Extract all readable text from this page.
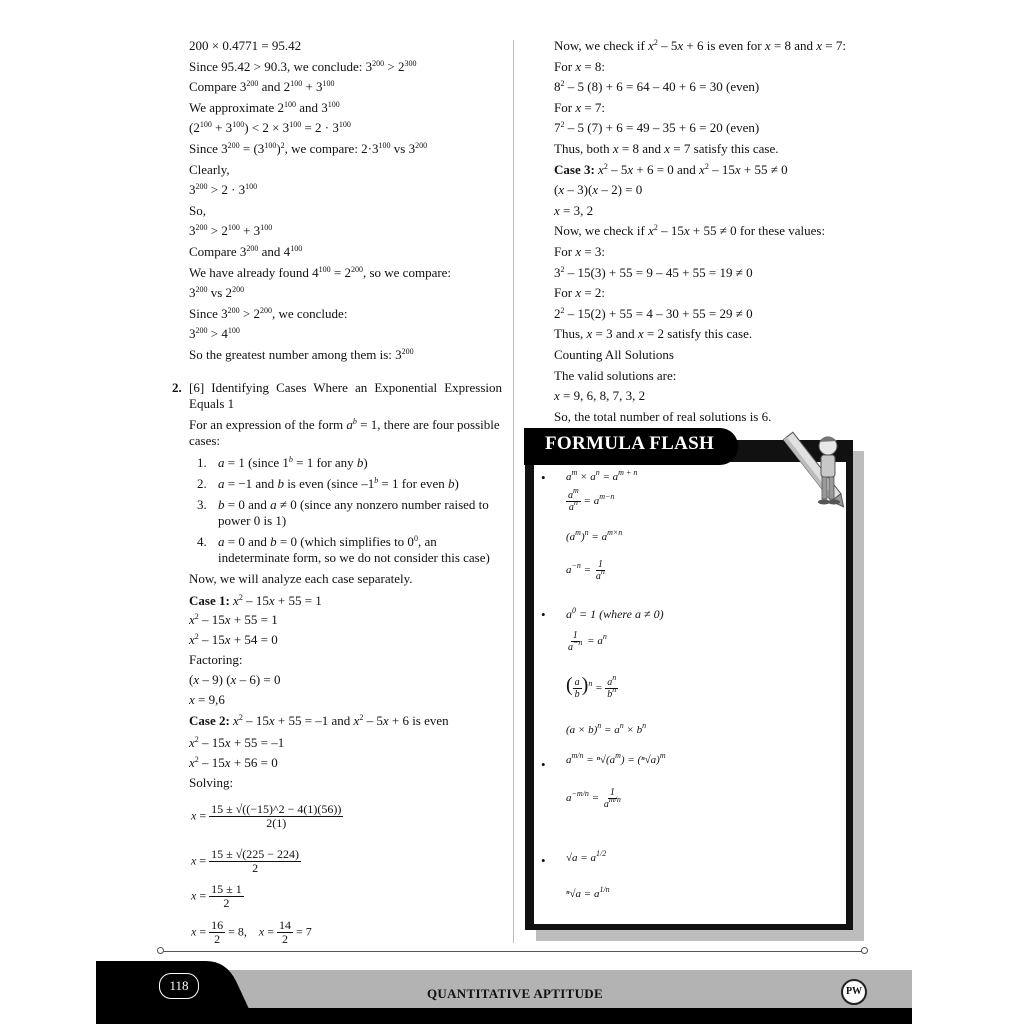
200 × 0.4771 = 95.42
Since 95.42 > 90.3, we conclude: $3^{200} > 2^{300}$
Compare $3^{200}$ and $2^{100} + 3^{100}$
We approximate $2^{100}$ and $3^{100}$
$(2^{100} + 3^{100}) < 2 \times 3^{100} = 2 \cdot 3^{100}$
Since $3^{200} = (3^{100})^2$, we compare: $2\cdot 3^{100}$ vs $3^{200}$
Clearly,
$3^{200} > 2 \cdot 3^{100}$
So,
$3^{200} > 2^{100} + 3^{100}$
Compare $3^{200}$ and $4^{100}$
We have already found $4^{100} = 2^{200}$, so we compare:
$3^{200}$ vs $2^{200}$
Since $3^{200} > 2^{200}$, we conclude:
$3^{200} > 4^{100}$
So the greatest number among them is: $3^{200}$
2. [6] Identifying Cases Where an Exponential Expression Equals 1
For an expression of the form $a^b = 1$, there are four possible cases:
1. a = 1 (since $1^b = 1$ for any b)
2. a = −1 and b is even (since $-1^b = 1$ for even b)
3. b = 0 and a ≠ 0 (since any nonzero number raised to power 0 is 1)
4. a = 0 and b = 0 (which simplifies to $0^0$, an indeterminate form, so we do not consider this case)
Now, we will analyze each case separately.
Case 1: $x^2 - 15x + 55 = 1$
$x^2 - 15x + 55 = 1$
$x^2 - 15x + 54 = 0$
Factoring:
(x – 9) (x – 6) = 0
x = 9,6
Case 2: $x^2 - 15x + 55 = -1$ and $x^2 - 5x + 6$ is even
$x^2 - 15x + 55 = -1$
$x^2 - 15x + 56 = 0$
Solving:
$x = \frac{15 \pm √((-15)\^{}2 - 4(1)(56))}{2(1)}$
$x = \frac{15 \pm √(225 - 224)}{2}$
$x = \frac{15 \pm 1}{2}$
$x = \frac{16}{2} = 8$, $x = \frac{14}{2} = 7$
Now, we check if $x^2 - 5x + 6$ is even for x = 8 and x = 7:
For x = 8:
$8^2 - 5$ (8) + 6 = 64 – 40 + 6 = 30 (even)
For x = 7:
$7^2 - 5$ (7) + 6 = 49 – 35 + 6 = 20 (even)
Thus, both x = 8 and x = 7 satisfy this case.
Case 3: $x^2 - 5x + 6 = 0$ and $x^2 - 15x + 55 \ne 0$
(x – 3)(x – 2) = 0
x = 3, 2
Now, we check if $x^2 - 15x + 55 \ne 0$ for these values:
For x = 3:
$3^2 - 15(3) + 55 = 9 - 45 + 55 = 19 \ne 0$
For x = 2:
$2^2 - 15(2) + 55 = 4 - 30 + 55 = 29 \ne 0$
Thus, x = 3 and x = 2 satisfy this case.
Counting All Solutions
The valid solutions are:
x = 9, 6, 8, 7, 3, 2
So, the total number of real solutions is 6.
FORMULA FLASH
• $a^m \times a^n = a^{m + n}$
$\frac{a^m}{a^n} = a^{m-n}$
$(a^m)^n = a^{m\times n}$
$a^{-n} = \frac{1}{a^n}$
• $a^0 = 1$ (where a ≠ 0)
$\frac{1}{a^{-n}} = a^n$
( $\frac{a}{b} )^n = \frac{a^n}{b^n}$
$(a \times b)^n = a^n \times b^n$
• $a^{m/n} = ^n√(a^m) = (^n√a)^m$
$a^{-m/n} = \frac{1}{a^{m/n}}$
• $√a = a^{1/2}$
$^n√a = a^{1/n}$
118
QUANTITATIVE APTITUDE	PW
